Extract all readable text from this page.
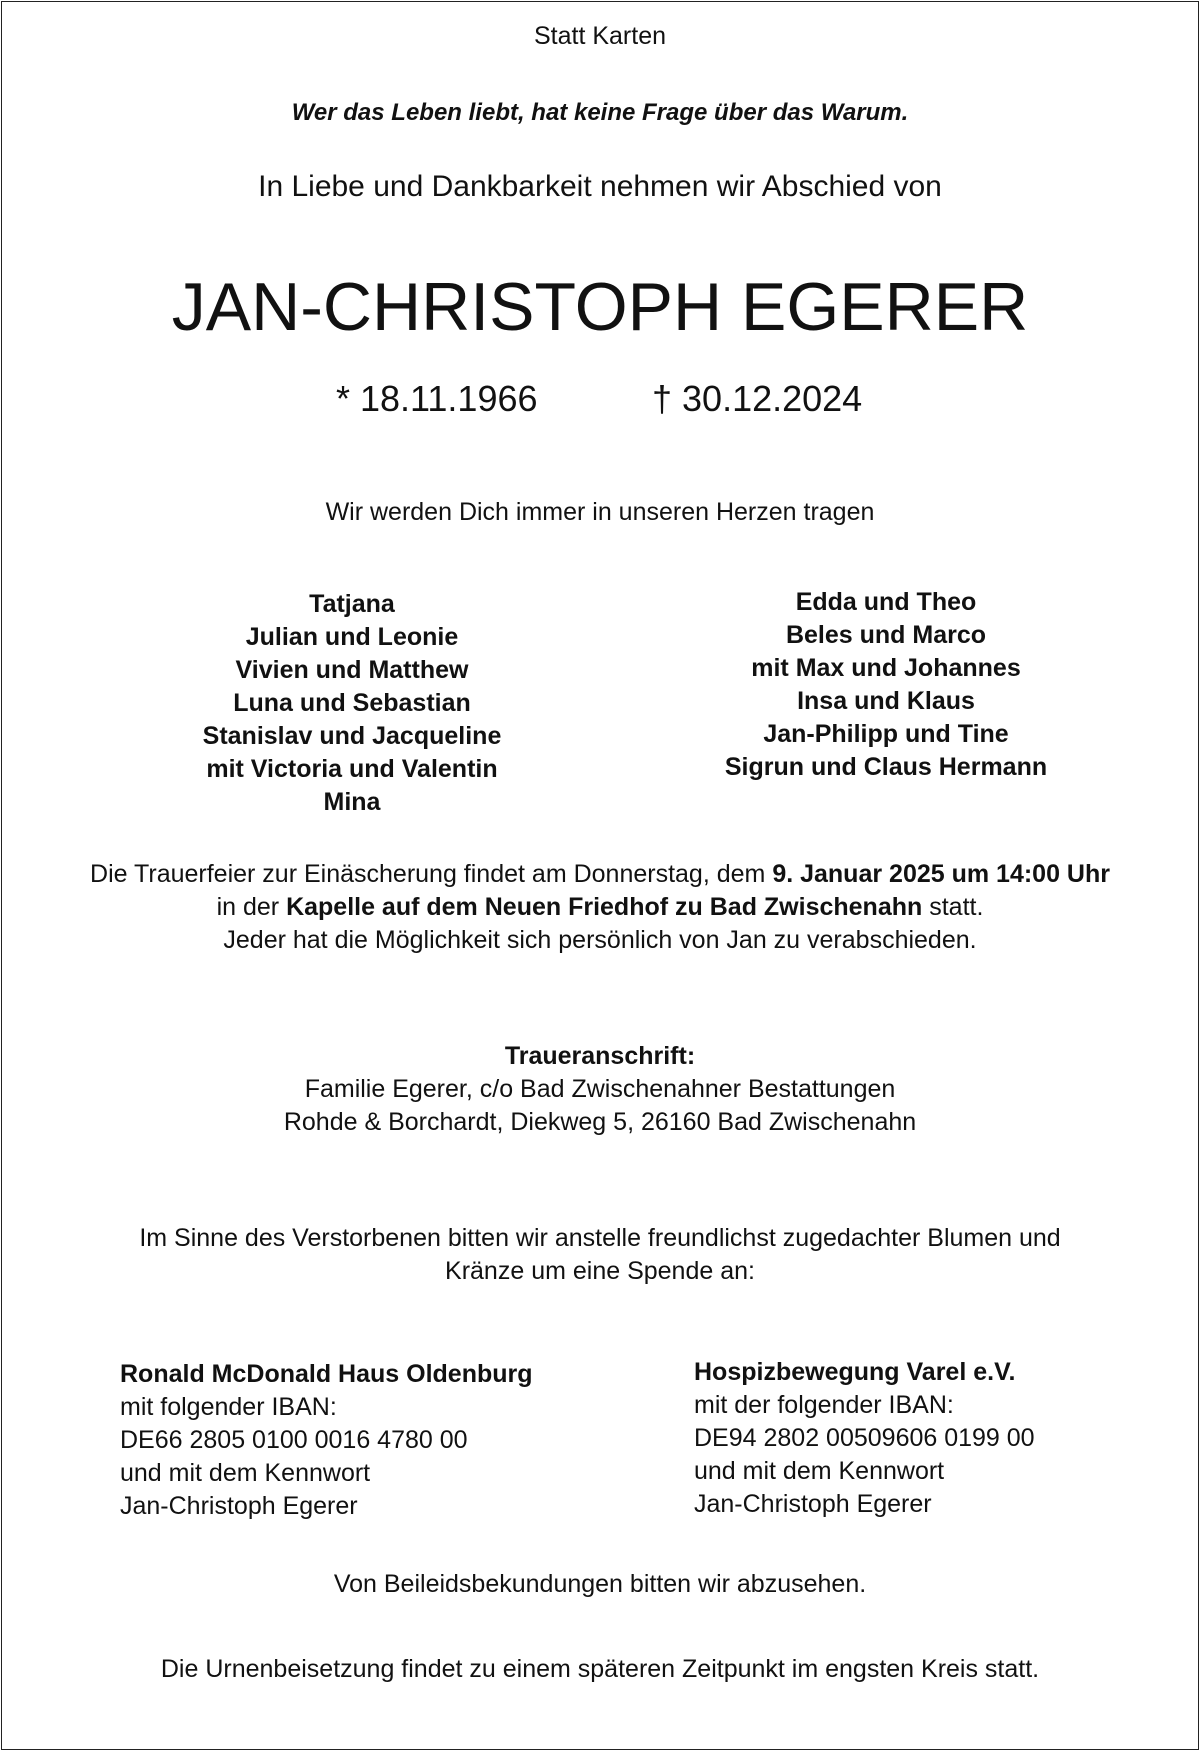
Statt Karten
Wer das Leben liebt, hat keine Frage über das Warum.
In Liebe und Dankbarkeit nehmen wir Abschied von
JAN-CHRISTOPH EGERER
* 18.11.1966	† 30.12.2024
Wir werden Dich immer in unseren Herzen tragen
Tatjana
Julian und Leonie
Vivien und Matthew
Luna und Sebastian
Stanislav und Jacqueline
mit Victoria und Valentin
Mina
Edda und Theo
Beles und Marco
mit Max und Johannes
Insa und Klaus
Jan-Philipp und Tine
Sigrun und Claus Hermann
Die Trauerfeier zur Einäscherung findet am Donnerstag, dem 9. Januar 2025 um 14:00 Uhr
in der Kapelle auf dem Neuen Friedhof zu Bad Zwischenahn statt.
Jeder hat die Möglichkeit sich persönlich von Jan zu verabschieden.
Traueranschrift:
Familie Egerer, c/o Bad Zwischenahner Bestattungen
Rohde & Borchardt, Diekweg 5, 26160 Bad Zwischenahn
Im Sinne des Verstorbenen bitten wir anstelle freundlichst zugedachter Blumen und
Kränze um eine Spende an:
Ronald McDonald Haus Oldenburg
mit folgender IBAN:
DE66 2805 0100 0016 4780 00
und mit dem Kennwort
Jan-Christoph Egerer
Hospizbewegung Varel e.V.
mit der folgender IBAN:
DE94 2802 00509606 0199 00
und mit dem Kennwort
Jan-Christoph Egerer
Von Beileidsbekundungen bitten wir abzusehen.
Die Urnenbeisetzung findet zu einem späteren Zeitpunkt im engsten Kreis statt.
